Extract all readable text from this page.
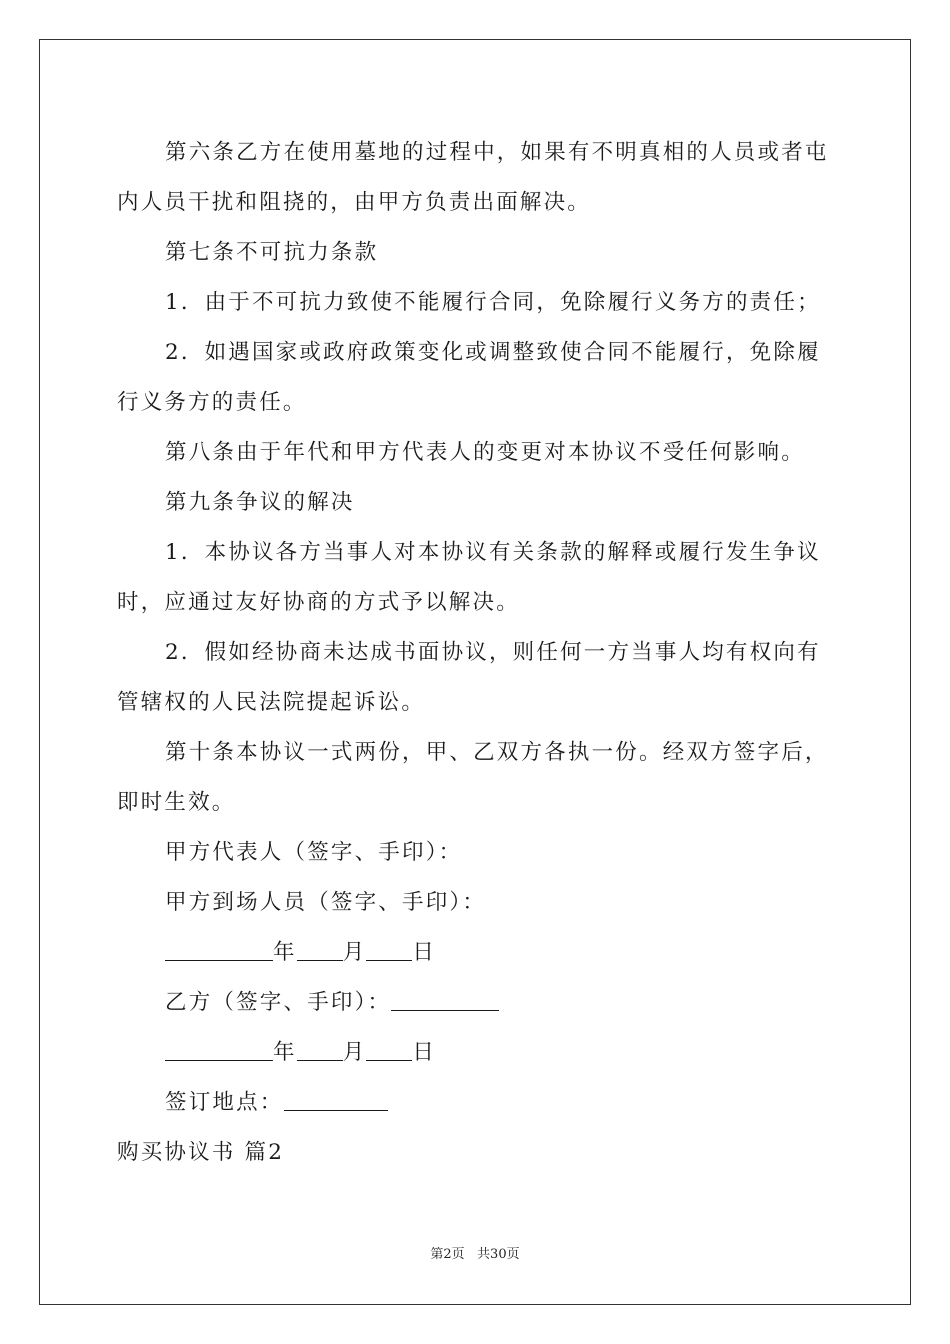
第六条乙方在使用墓地的过程中，如果有不明真相的人员或者屯
内人员干扰和阻挠的，由甲方负责出面解决。
第七条不可抗力条款
1．由于不可抗力致使不能履行合同，免除履行义务方的责任；
2．如遇国家或政府政策变化或调整致使合同不能履行，免除履
行义务方的责任。
第八条由于年代和甲方代表人的变更对本协议不受任何影响。
第九条争议的解决
1．本协议各方当事人对本协议有关条款的解释或履行发生争议
时，应通过友好协商的方式予以解决。
2．假如经协商未达成书面协议，则任何一方当事人均有权向有
管辖权的人民法院提起诉讼。
第十条本协议一式两份，甲、乙双方各执一份。经双方签字后，
即时生效。
甲方代表人（签字、手印）：
甲方到场人员（签字、手印）：
年 月 日
乙方（签字、手印）：
年 月 日
签订地点：
购买协议书 篇2
第2页   共30页
